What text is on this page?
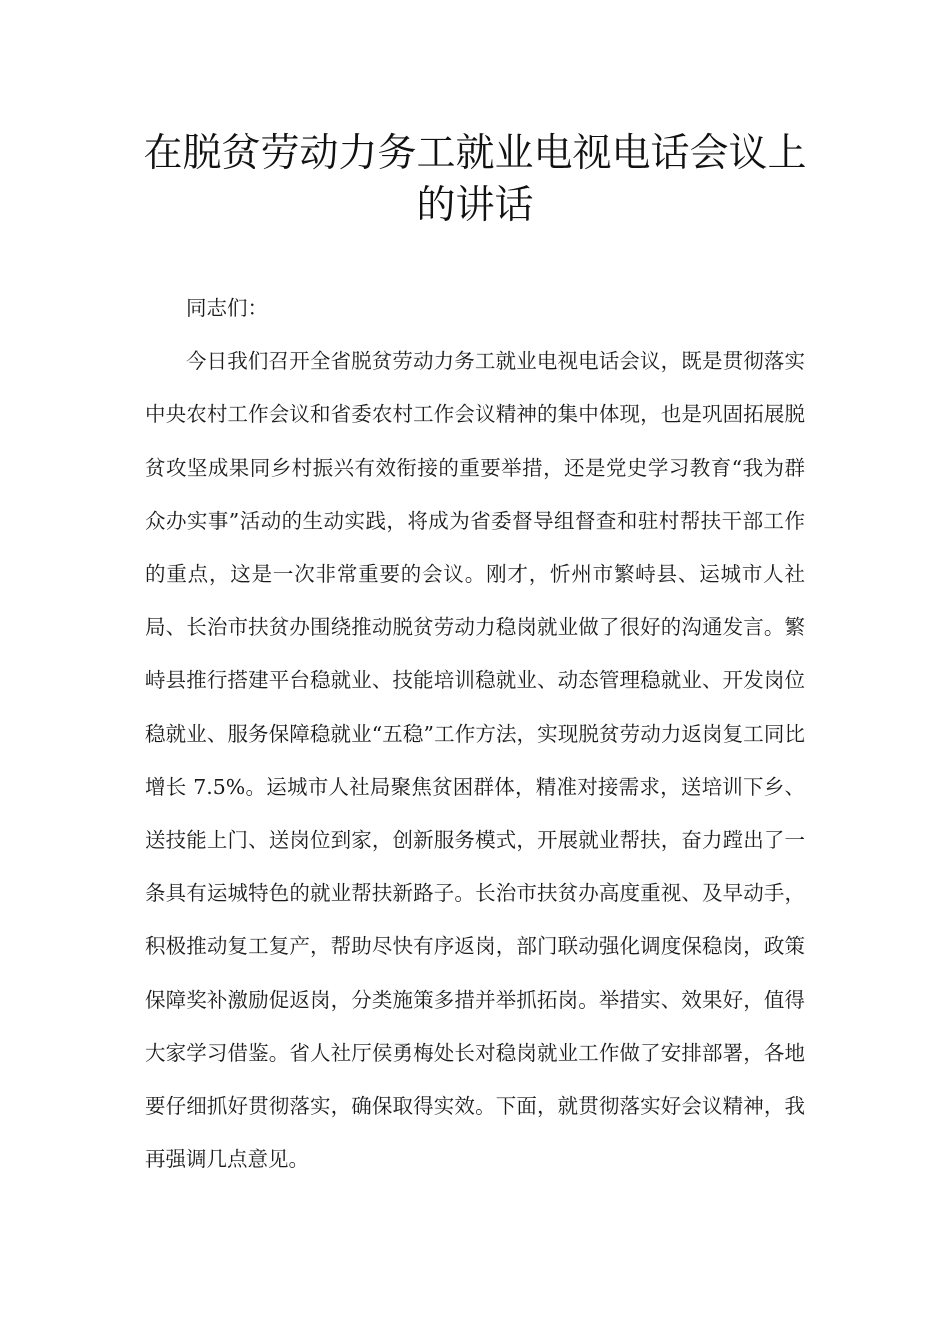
在脱贫劳动力务工就业电视电话会议上的讲话

同志们：

今日我们召开全省脱贫劳动力务工就业电视电话会议，既是贯彻落实中央农村工作会议和省委农村工作会议精神的集中体现，也是巩固拓展脱贫攻坚成果同乡村振兴有效衔接的重要举措，还是党史学习教育“我为群众办实事”活动的生动实践，将成为省委督导组督查和驻村帮扶干部工作的重点，这是一次非常重要的会议。刚才，忻州市繁峙县、运城市人社局、长治市扶贫办围绕推动脱贫劳动力稳岗就业做了很好的沟通发言。繁峙县推行搭建平台稳就业、技能培训稳就业、动态管理稳就业、开发岗位稳就业、服务保障稳就业“五稳”工作方法，实现脱贫劳动力返岗复工同比增长 7.5%。运城市人社局聚焦贫困群体，精准对接需求，送培训下乡、送技能上门、送岗位到家，创新服务模式，开展就业帮扶，奋力蹚出了一条具有运城特色的就业帮扶新路子。长治市扶贫办高度重视、及早动手，积极推动复工复产，帮助尽快有序返岗，部门联动强化调度保稳岗，政策保障奖补激励促返岗，分类施策多措并举抓拓岗。举措实、效果好，值得大家学习借鉴。省人社厅侯勇梅处长对稳岗就业工作做了安排部署，各地要仔细抓好贯彻落实，确保取得实效。下面，就贯彻落实好会议精神，我再强调几点意见。
